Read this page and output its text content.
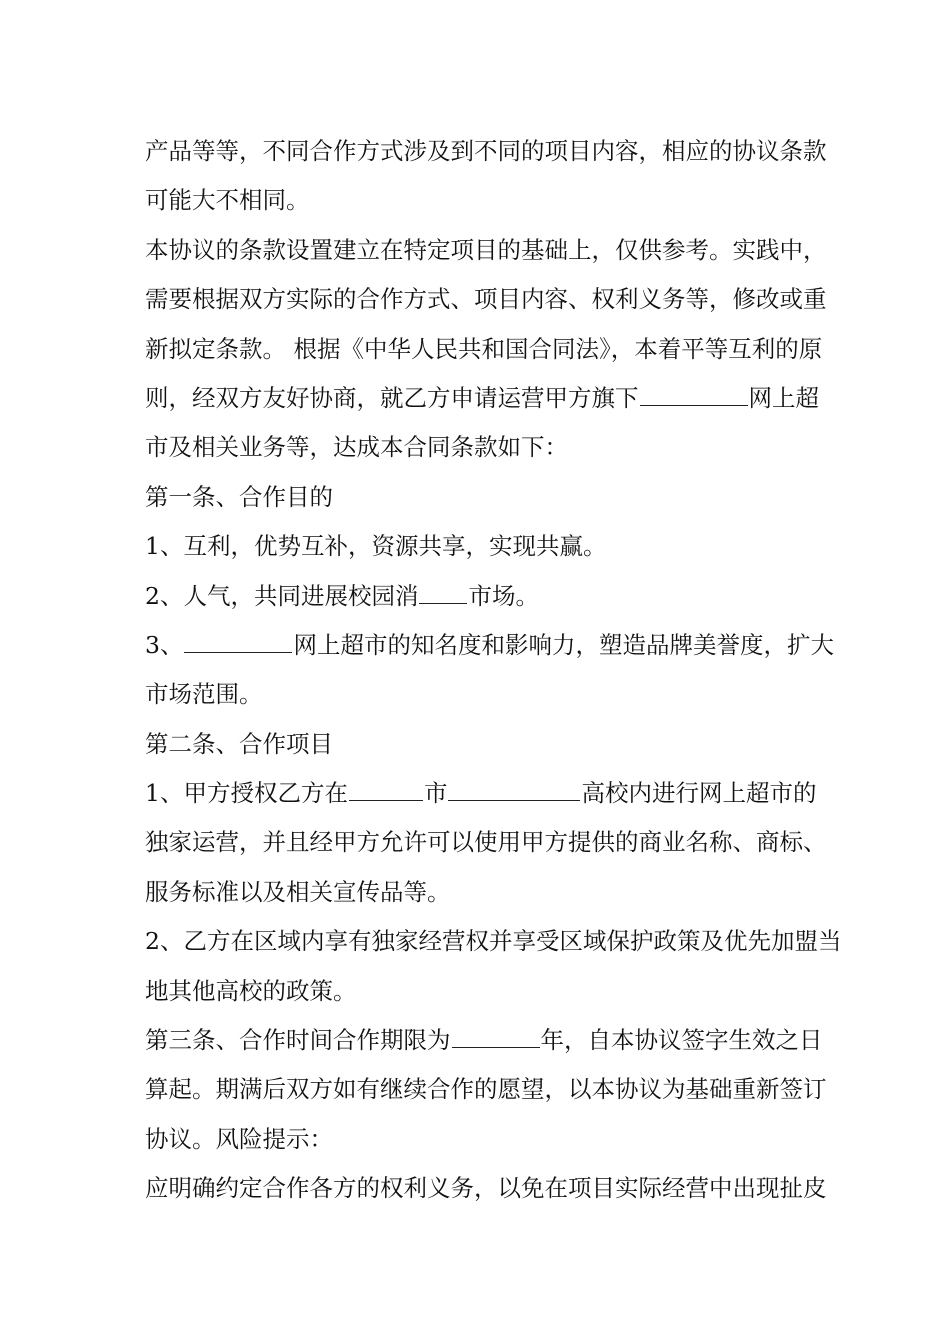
产品等等，不同合作方式涉及到不同的项目内容，相应的协议条款
可能大不相同。
本协议的条款设置建立在特定项目的基础上，仅供参考。实践中，
需要根据双方实际的合作方式、项目内容、权利义务等，修改或重
新拟定条款。 根据《中华人民共和国合同法》，本着平等互利的原
则，经双方友好协商，就乙方申请运营甲方旗下	网上超
市及相关业务等，达成本合同条款如下：
第一条、合作目的
1、互利，优势互补，资源共享，实现共赢。
2、人气，共同进展校园消 市场。
3、	网上超市的知名度和影响力，塑造品牌美誉度，扩大
市场范围。
第二条、合作项目
1、甲方授权乙方在	市	高校内进行网上超市的
独家运营，并且经甲方允许可以使用甲方提供的商业名称、商标、
服务标准以及相关宣传品等。
2、乙方在区域内享有独家经营权并享受区域保护政策及优先加盟当
地其他高校的政策。
第三条、合作时间合作期限为	年，自本协议签字生效之日
算起。期满后双方如有继续合作的愿望，以本协议为基础重新签订
协议。风险提示：
应明确约定合作各方的权利义务，以免在项目实际经营中出现扯皮
